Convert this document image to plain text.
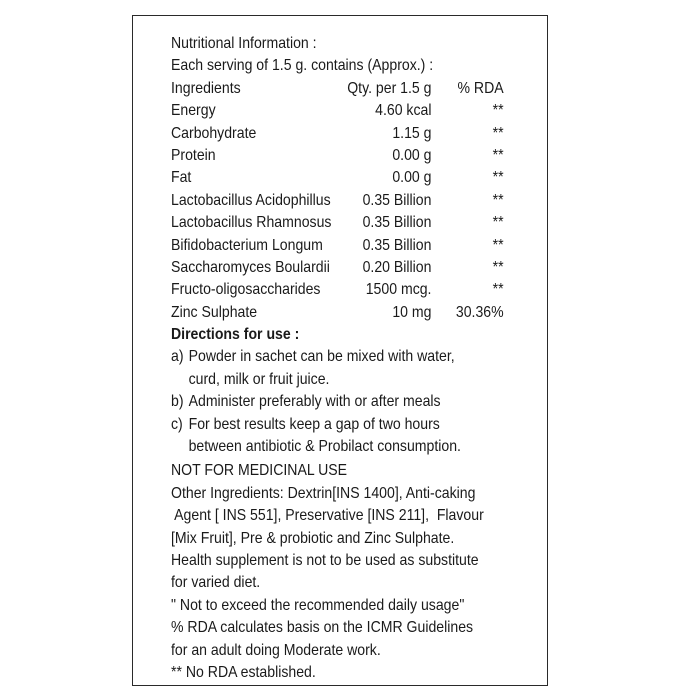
Nutritional Information :
Each serving of 1.5 g. contains (Approx.) :
Ingredients	Qty. per 1.5 g	% RDA
Energy	4.60 kcal	**
Carbohydrate	1.15 g	**
Protein	0.00 g	**
Fat	0.00 g	**
Lactobacillus Acidophillus	0.35 Billion	**
Lactobacillus Rhamnosus	0.35 Billion	**
Bifidobacterium Longum	0.35 Billion	**
Saccharomyces Boulardii	0.20 Billion	**
Fructo-oligosaccharides	1500 mcg.	**
Zinc Sulphate	10 mg	30.36%
Directions for use :
a) Powder in sachet can be mixed with water,
curd, milk or fruit juice.
b) Administer preferably with or after meals
c) For best results keep a gap of two hours
between antibiotic & Probilact consumption.
NOT FOR MEDICINAL USE
Other Ingredients: Dextrin[INS 1400], Anti-caking
Agent [ INS 551], Preservative [INS 211],  Flavour
[Mix Fruit], Pre & probiotic and Zinc Sulphate.
Health supplement is not to be used as substitute
for varied diet.
" Not to exceed the recommended daily usage"
% RDA calculates basis on the ICMR Guidelines
for an adult doing Moderate work.
** No RDA established.
